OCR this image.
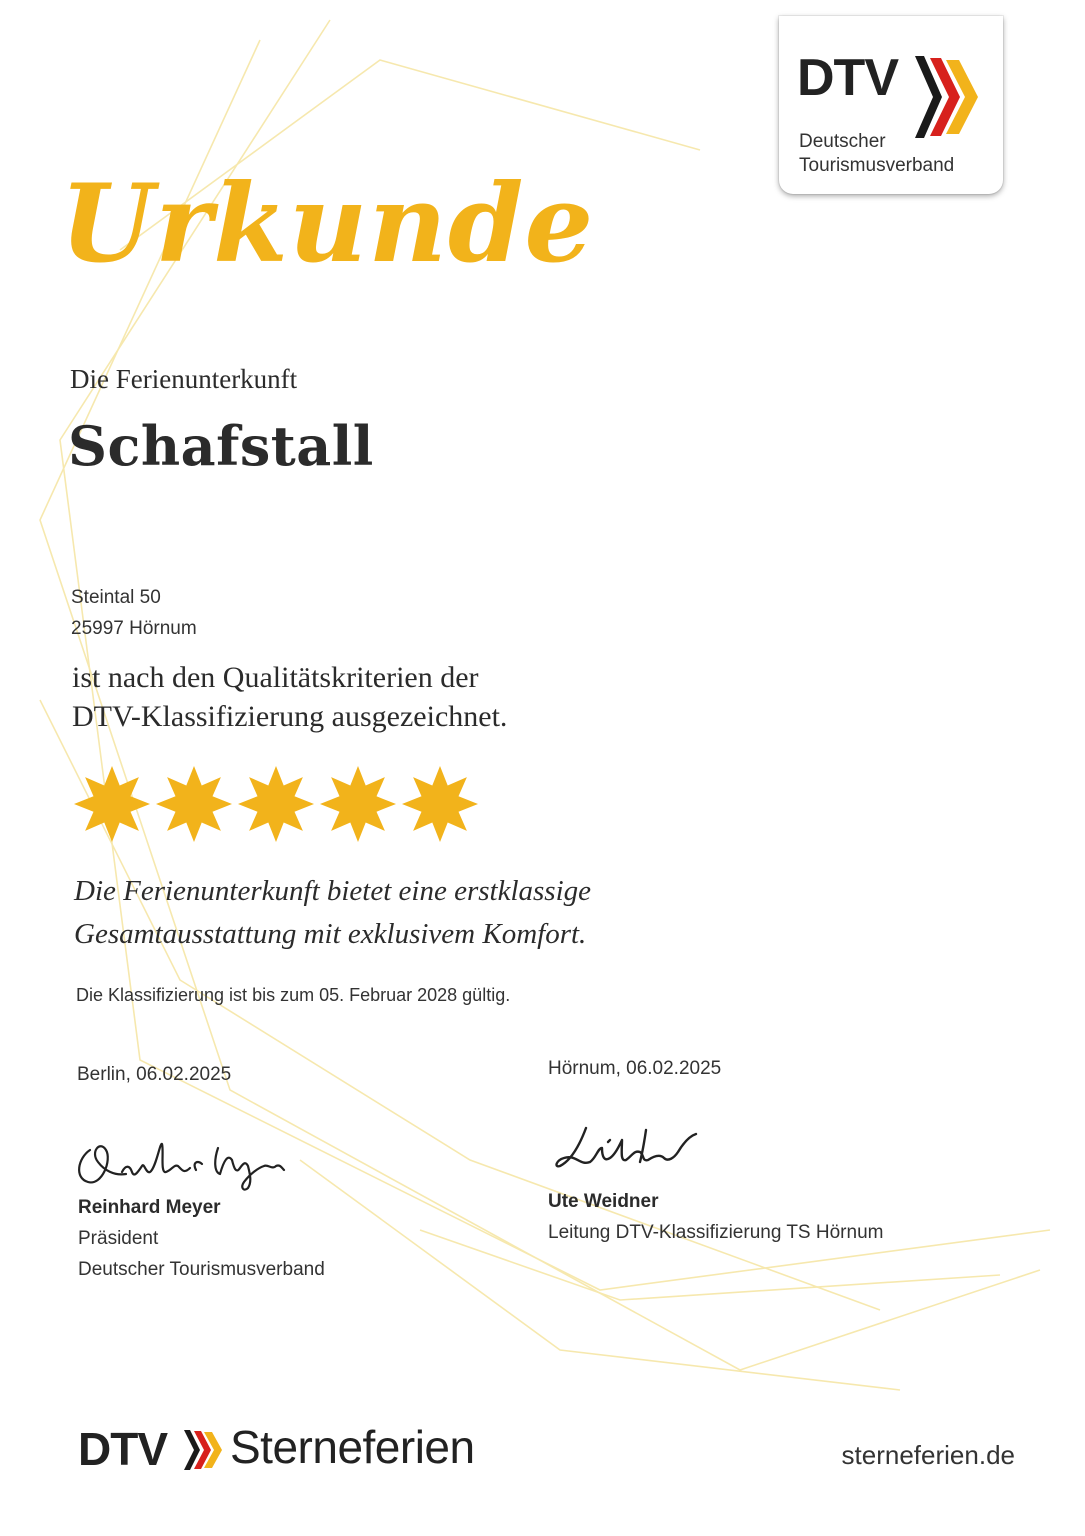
DTV
Deutscher
Tourismusverband
Urkunde
Die Ferienunterkunft
Schafstall
Steintal 50
25997 Hörnum
ist nach den Qualitätskriterien der
DTV-Klassifizierung ausgezeichnet.
Die Ferienunterkunft bietet eine erstklassige
Gesamtausstattung mit exklusivem Komfort.
Die Klassifizierung ist bis zum 05. Februar 2028 gültig.
Berlin, 06.02.2025	Hörnum, 06.02.2025
Reinhard Meyer
Präsident
Deutscher Tourismusverband
Ute Weidner
Leitung DTV-Klassifizierung TS Hörnum
DTV Sterneferien	sterneferien.de
